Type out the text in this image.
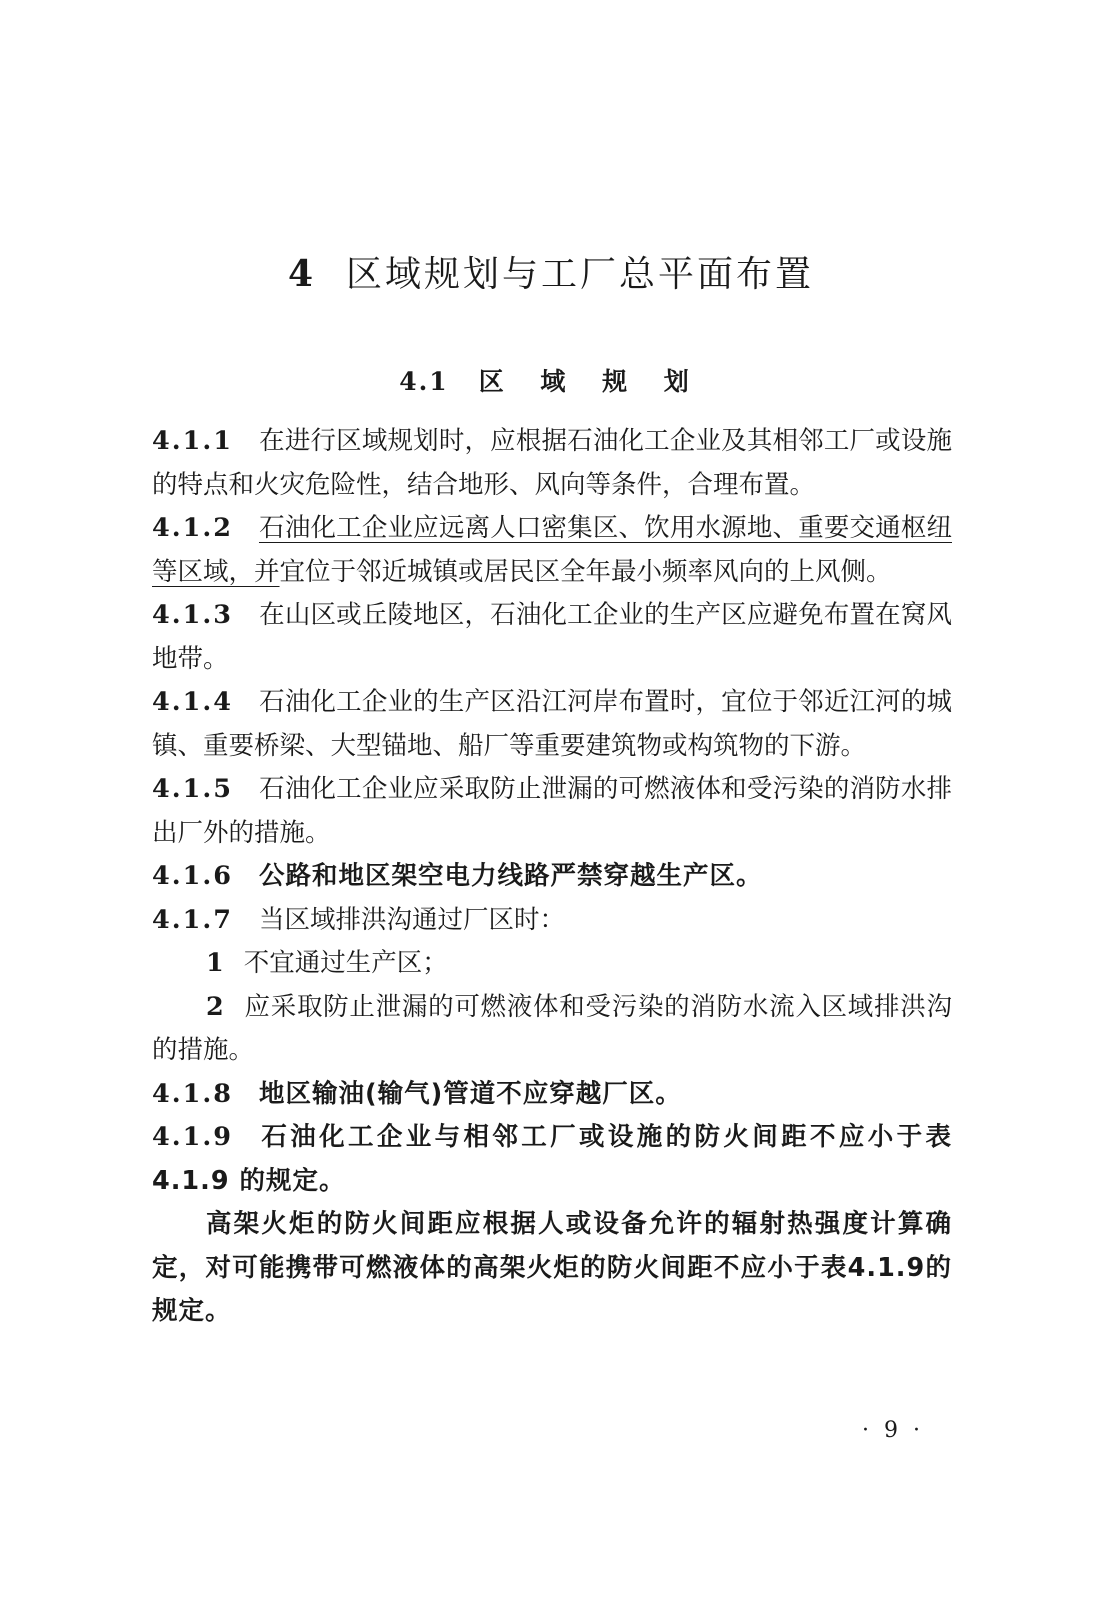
4 区域规划与工厂总平面布置
4.1 区 域 规 划

4.1.1 在进行区域规划时，应根据石油化工企业及其相邻工厂或设施的特点和火灾危险性，结合地形、风向等条件，合理布置。

4.1.2 石油化工企业应远离人口密集区、饮用水源地、重要交通枢纽等区域，并宜位于邻近城镇或居民区全年最小频率风向的上风侧。

4.1.3 在山区或丘陵地区，石油化工企业的生产区应避免布置在窝风地带。

4.1.4 石油化工企业的生产区沿江河岸布置时，宜位于邻近江河的城镇、重要桥梁、大型锚地、船厂等重要建筑物或构筑物的下游。

4.1.5 石油化工企业应采取防止泄漏的可燃液体和受污染的消防水排出厂外的措施。

4.1.6 公路和地区架空电力线路严禁穿越生产区。

4.1.7 当区域排洪沟通过厂区时：

1 不宜通过生产区；

2 应采取防止泄漏的可燃液体和受污染的消防水流入区域排洪沟的措施。

4.1.8 地区输油(输气)管道不应穿越厂区。

4.1.9 石油化工企业与相邻工厂或设施的防火间距不应小于表4.1.9 的规定。

高架火炬的防火间距应根据人或设备允许的辐射热强度计算确定，对可能携带可燃液体的高架火炬的防火间距不应小于表4.1.9的规定。

· 9 ·
